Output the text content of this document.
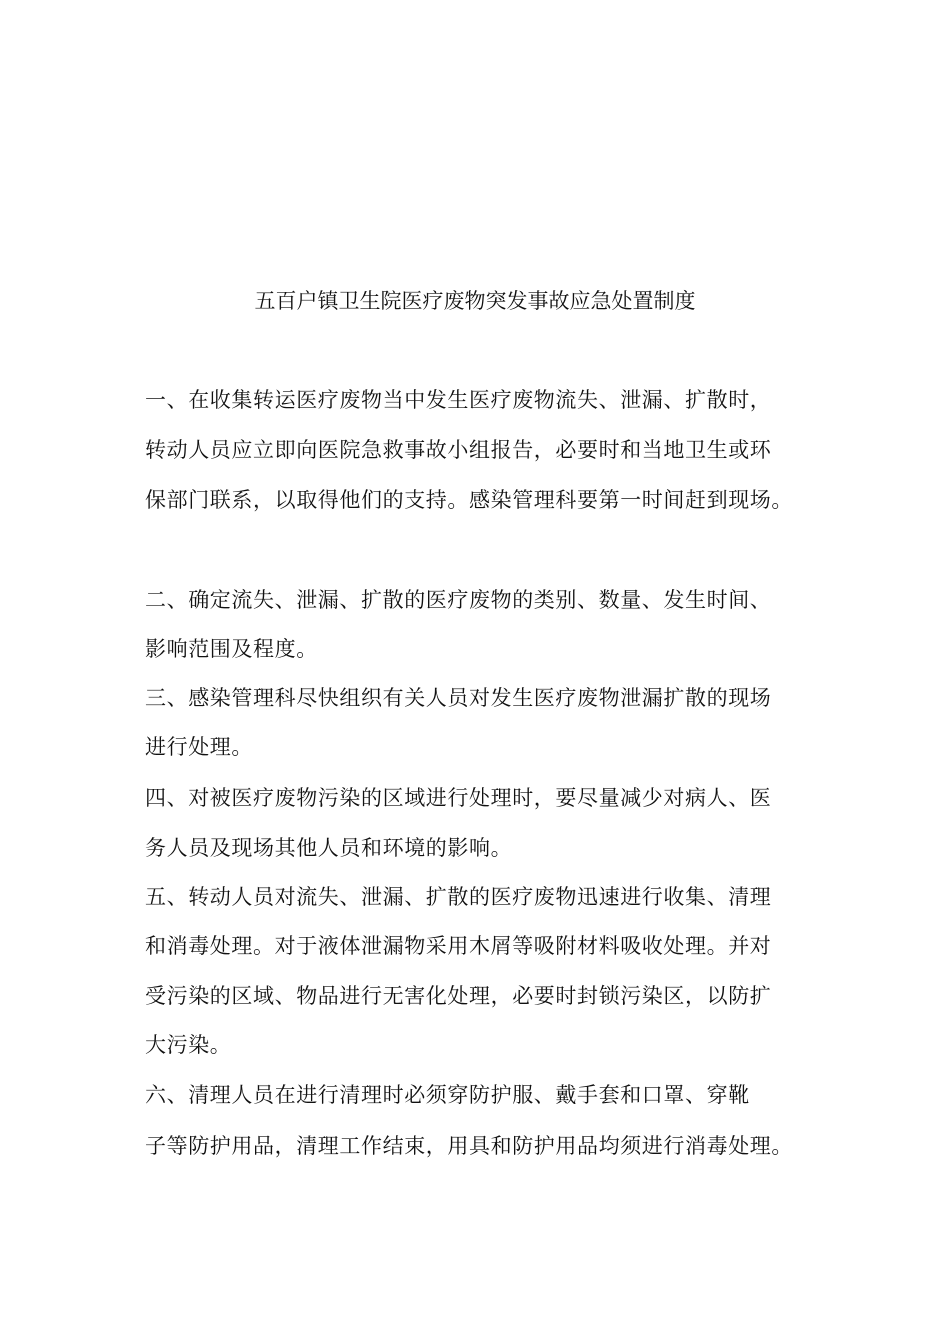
五百户镇卫生院医疗废物突发事故应急处置制度
一、在收集转运医疗废物当中发生医疗废物流失、泄漏、扩散时，
转动人员应立即向医院急救事故小组报告，必要时和当地卫生或环
保部门联系，以取得他们的支持。感染管理科要第一时间赶到现场。
二、确定流失、泄漏、扩散的医疗废物的类别、数量、发生时间、
影响范围及程度。
三、感染管理科尽快组织有关人员对发生医疗废物泄漏扩散的现场
进行处理。
四、对被医疗废物污染的区域进行处理时，要尽量减少对病人、医
务人员及现场其他人员和环境的影响。
五、转动人员对流失、泄漏、扩散的医疗废物迅速进行收集、清理
和消毒处理。对于液体泄漏物采用木屑等吸附材料吸收处理。并对
受污染的区域、物品进行无害化处理，必要时封锁污染区，以防扩
大污染。
六、清理人员在进行清理时必须穿防护服、戴手套和口罩、穿靴
子等防护用品，清理工作结束，用具和防护用品均须进行消毒处理。
